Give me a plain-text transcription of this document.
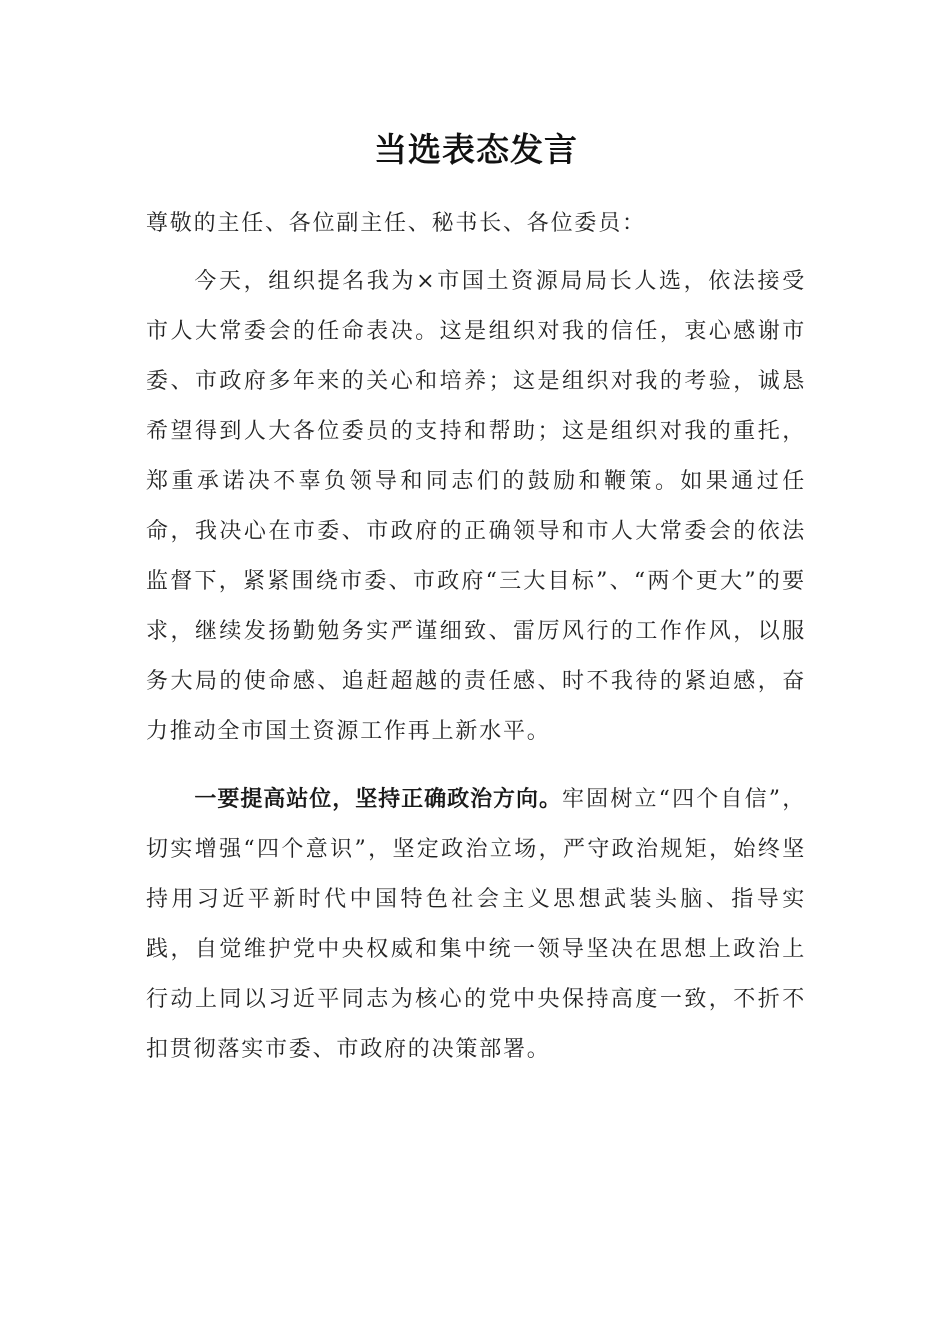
当选表态发言

尊敬的主任、各位副主任、秘书长、各位委员：

今天，组织提名我为×市国土资源局局长人选，依法接受市人大常委会的任命表决。这是组织对我的信任，衷心感谢市委、市政府多年来的关心和培养；这是组织对我的考验，诚恳希望得到人大各位委员的支持和帮助；这是组织对我的重托，郑重承诺决不辜负领导和同志们的鼓励和鞭策。如果通过任命，我决心在市委、市政府的正确领导和市人大常委会的依法监督下，紧紧围绕市委、市政府“三大目标”、“两个更大”的要求，继续发扬勤勉务实严谨细致、雷厉风行的工作作风，以服务大局的使命感、追赶超越的责任感、时不我待的紧迫感，奋力推动全市国土资源工作再上新水平。

一要提高站位，坚持正确政治方向。牢固树立“四个自信”，切实增强“四个意识”，坚定政治立场，严守政治规矩，始终坚持用习近平新时代中国特色社会主义思想武装头脑、指导实践，自觉维护党中央权威和集中统一领导坚决在思想上政治上行动上同以习近平同志为核心的党中央保持高度一致，不折不扣贯彻落实市委、市政府的决策部署。
